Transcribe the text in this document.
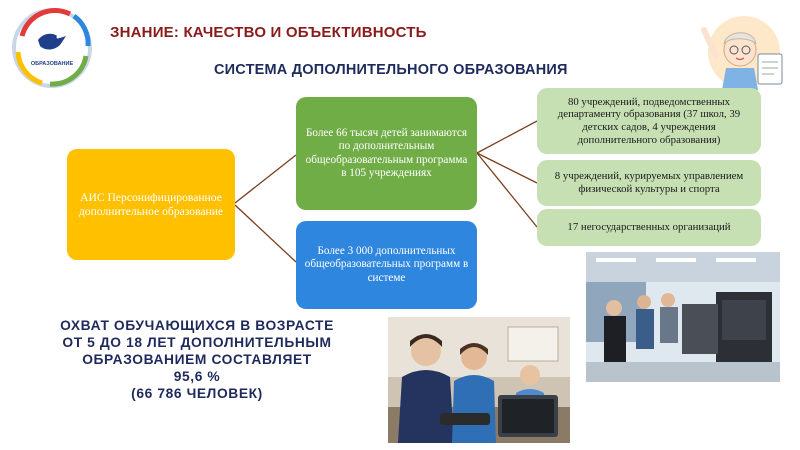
ОБРАЗОВАНИЕ
ЗНАНИЕ: КАЧЕСТВО И ОБЪЕКТИВНОСТЬ
СИСТЕМА ДОПОЛНИТЕЛЬНОГО ОБРАЗОВАНИЯ
АИС Персонифицированное дополнительное образование
Более 66 тысяч детей занимаются по дополнительным общеобразовательным программа в 105 учреждениях
Более 3 000 дополнительных общеобразовательных программ в системе
80 учреждений, подведомственных департаменту образования (37 школ, 39 детских садов, 4 учреждения дополнительного образования)
8 учреждений, курируемых управлением физической культуры и спорта
17 негосударственных организаций
ОХВАТ ОБУЧАЮЩИХСЯ В ВОЗРАСТЕ
ОТ 5 ДО 18 ЛЕТ ДОПОЛНИТЕЛЬНЫМ
ОБРАЗОВАНИЕМ СОСТАВЛЯЕТ
95,6 %
(66 786 ЧЕЛОВЕК)
